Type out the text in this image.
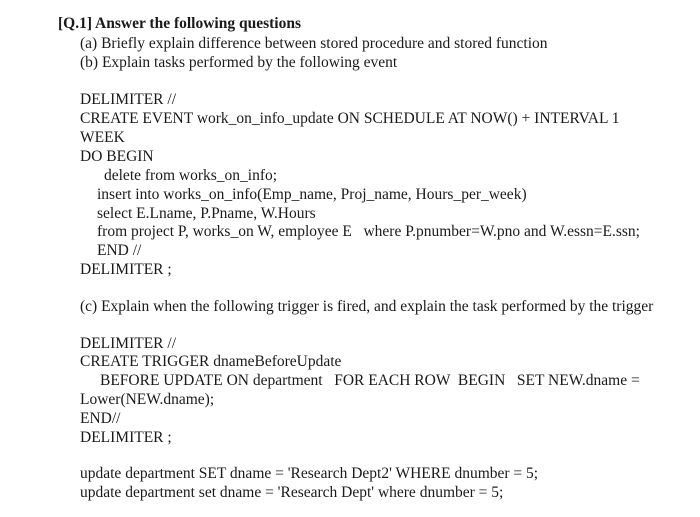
[Q.1] Answer the following questions
(a) Briefly explain difference between stored procedure and stored function
(b) Explain tasks performed by the following event
DELIMITER //
CREATE EVENT work_on_info_update ON SCHEDULE AT NOW() + INTERVAL 1
WEEK
DO BEGIN
delete from works_on_info;
insert into works_on_info(Emp_name, Proj_name, Hours_per_week)
select E.Lname, P.Pname, W.Hours
from project P, works_on W, employee E   where P.pnumber=W.pno and W.essn=E.ssn;
END //
DELIMITER ;
(c) Explain when the following trigger is fired, and explain the task performed by the trigger
DELIMITER //
CREATE TRIGGER dnameBeforeUpdate
BEFORE UPDATE ON department   FOR EACH ROW  BEGIN   SET NEW.dname =
Lower(NEW.dname);
END//
DELIMITER ;
update department SET dname = 'Research Dept2' WHERE dnumber = 5;
update department set dname = 'Research Dept' where dnumber = 5;
